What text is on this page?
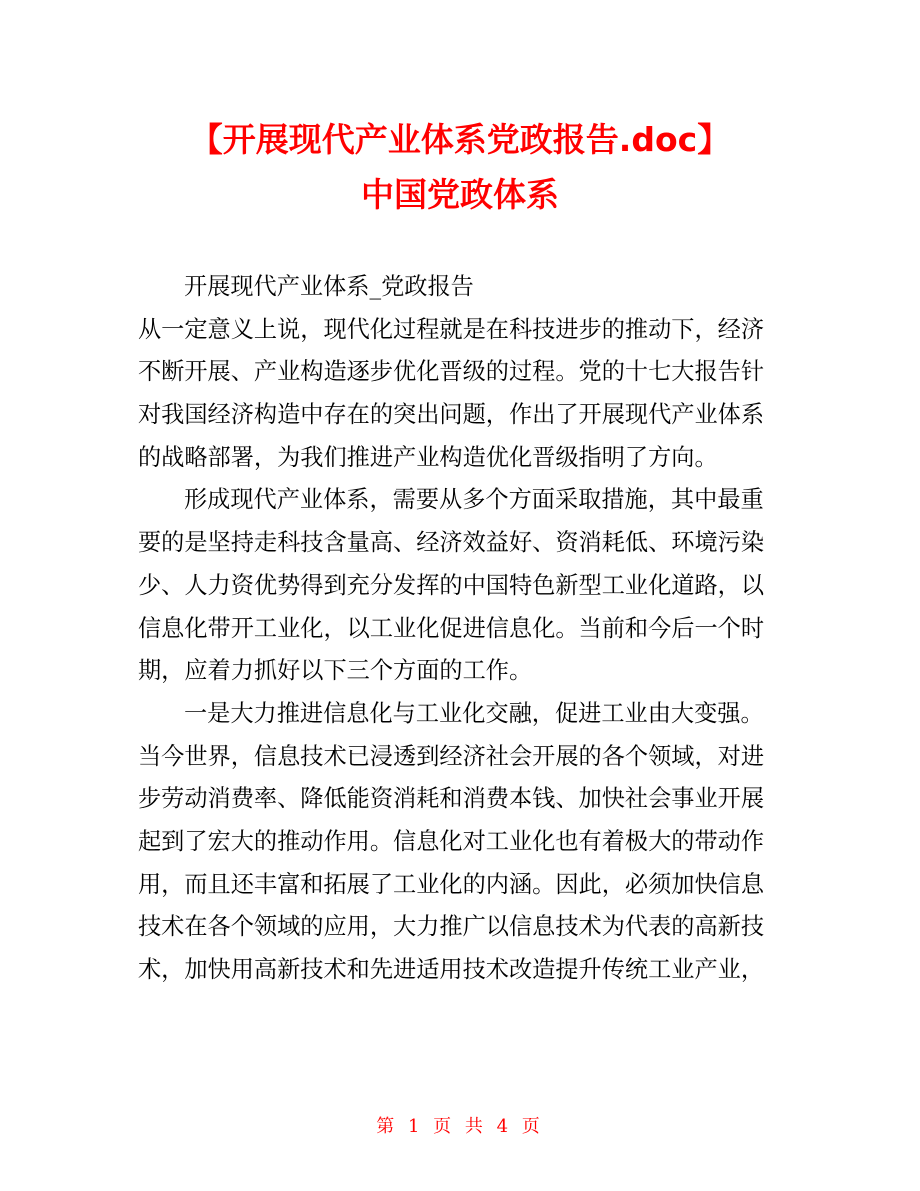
【开展现代产业体系党政报告.doc】
中国党政体系
开展现代产业体系_党政报告
从一定意义上说，现代化过程就是在科技进步的推动下，经济
不断开展、产业构造逐步优化晋级的过程。党的十七大报告针
对我国经济构造中存在的突出问题，作出了开展现代产业体系
的战略部署，为我们推进产业构造优化晋级指明了方向。
形成现代产业体系，需要从多个方面采取措施，其中最重
要的是坚持走科技含量高、经济效益好、资消耗低、环境污染
少、人力资优势得到充分发挥的中国特色新型工业化道路，以
信息化带开工业化，以工业化促进信息化。当前和今后一个时
期，应着力抓好以下三个方面的工作。
一是大力推进信息化与工业化交融，促进工业由大变强。
当今世界，信息技术已浸透到经济社会开展的各个领域，对进
步劳动消费率、降低能资消耗和消费本钱、加快社会事业开展
起到了宏大的推动作用。信息化对工业化也有着极大的带动作
用，而且还丰富和拓展了工业化的内涵。因此，必须加快信息
技术在各个领域的应用，大力推广以信息技术为代表的高新技
术，加快用高新技术和先进适用技术改造提升传统工业产业，
第 1 页 共 4 页
